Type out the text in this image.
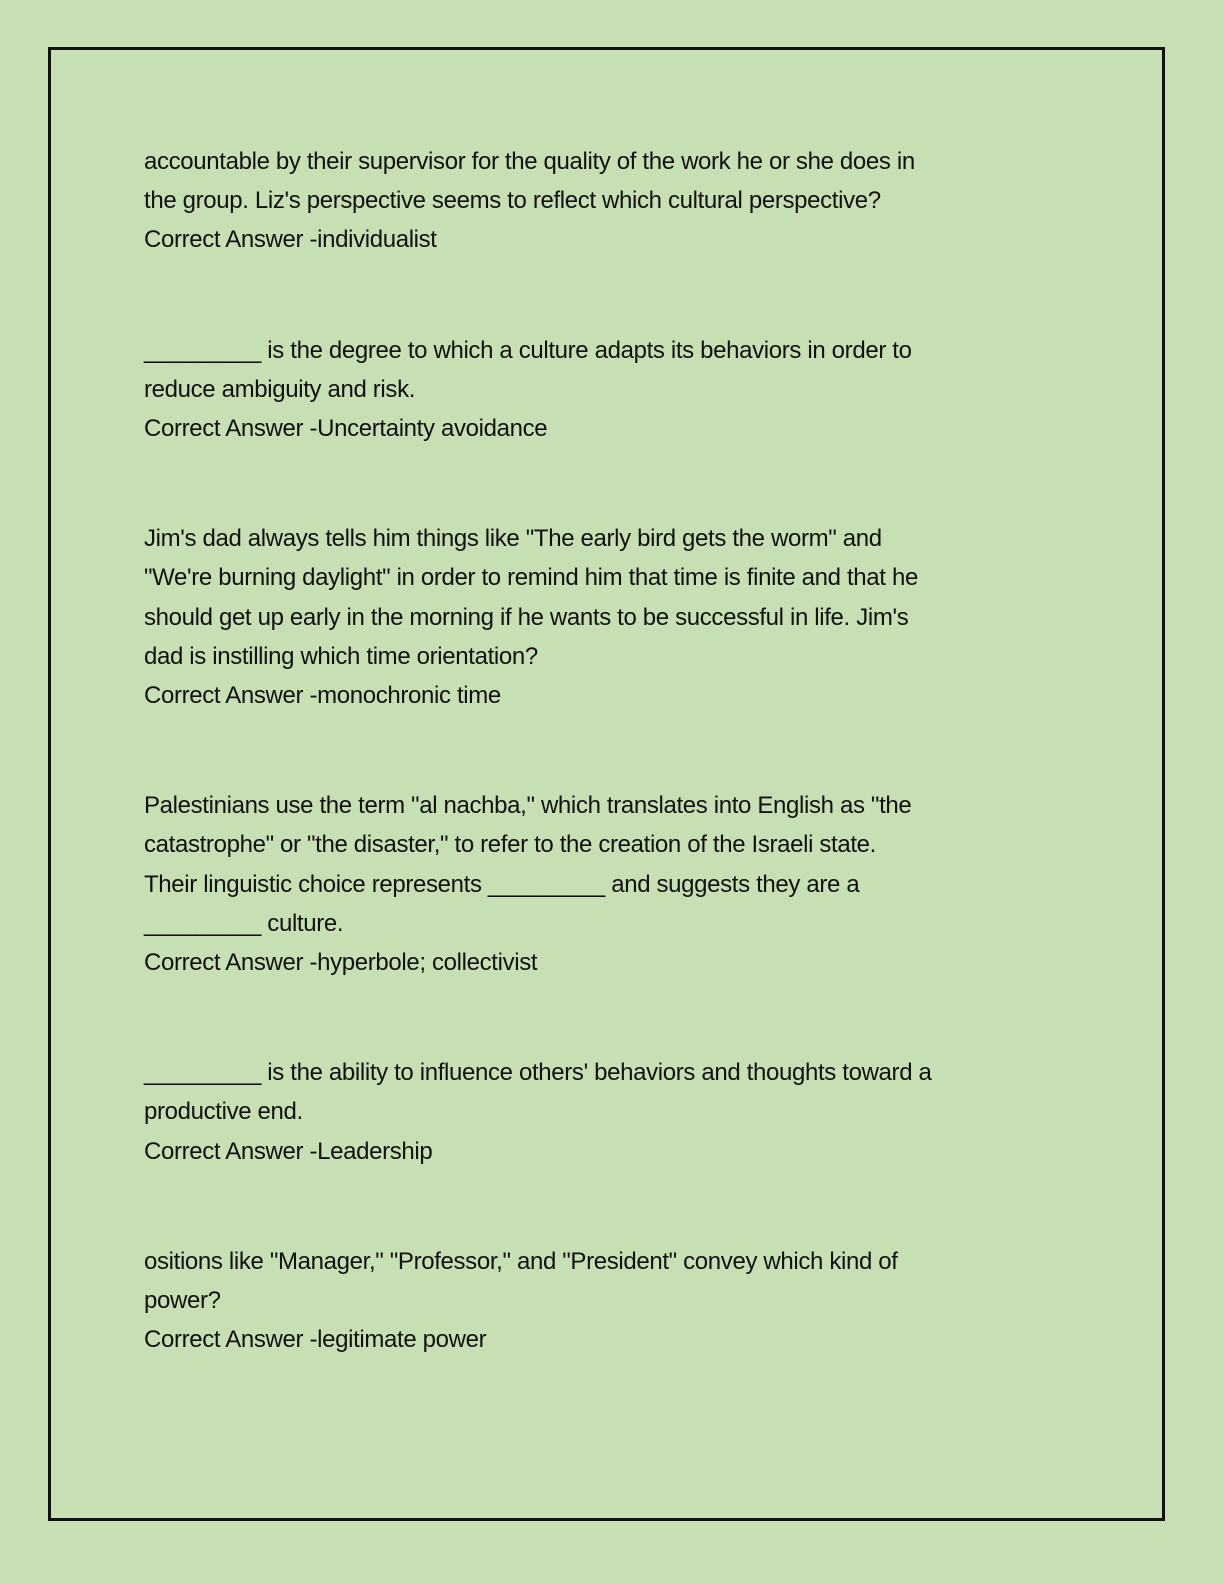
accountable by their supervisor for the quality of the work he or she does in
the group. Liz's perspective seems to reflect which cultural perspective?
Correct Answer -individualist
_________ is the degree to which a culture adapts its behaviors in order to
reduce ambiguity and risk.
Correct Answer -Uncertainty avoidance
Jim's dad always tells him things like "The early bird gets the worm" and
"We're burning daylight" in order to remind him that time is finite and that he
should get up early in the morning if he wants to be successful in life. Jim's
dad is instilling which time orientation?
Correct Answer -monochronic time
Palestinians use the term "al nachba," which translates into English as "the
catastrophe" or "the disaster," to refer to the creation of the Israeli state.
Their linguistic choice represents _________ and suggests they are a
_________ culture.
Correct Answer -hyperbole; collectivist
_________ is the ability to influence others' behaviors and thoughts toward a
productive end.
Correct Answer -Leadership
ositions like "Manager," "Professor," and "President" convey which kind of
power?
Correct Answer -legitimate power
